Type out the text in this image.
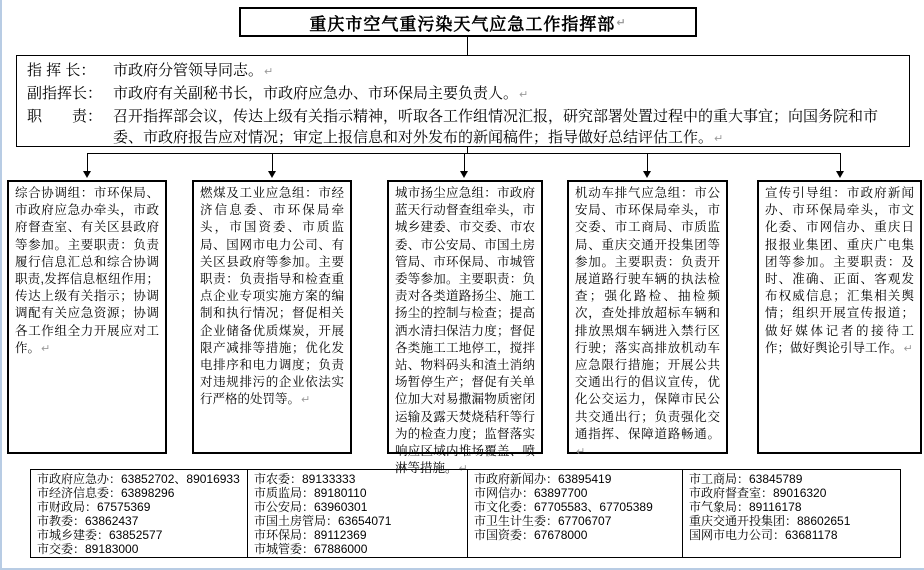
重庆市空气重污染天气应急工作指挥部 ↵
指 挥 长：	市政府分管领导同志。↵
副指挥长： 市政府有关副秘书长，市政府应急办、市环保局主要负责人。↵
职　　责： 召开指挥部会议，传达上级有关指示精神，听取各工作组情况汇报，研究部署处置过程中的重大事宜；向国务院和市委、市政府报告应对情况；审定上报信息和对外发布的新闻稿件；指导做好总结评估工作。↵
综合协调组：市环保局、市政府应急办牵头，市政府督查室、有关区县政府等参加。主要职责：负责履行信息汇总和综合协调职责,发挥信息枢纽作用；传达上级有关指示；协调调配有关应急资源；协调各工作组全力开展应对工作。↵
燃煤及工业应急组：市经济信息委、市环保局牵头，市国资委、市质监局、国网市电力公司、有关区县政府等参加。主要职责：负责指导和检查重点企业专项实施方案的编制和执行情况；督促相关企业储备优质煤炭，开展限产减排等措施；优化发电排序和电力调度；负责对违规排污的企业依法实行严格的处罚等。↵
城市扬尘应急组：市政府蓝天行动督查组牵头，市城乡建委、市交委、市农委、市公安局、市国土房管局、市环保局、市城管委等参加。主要职责：负责对各类道路扬尘、施工扬尘的控制与检查；提高洒水清扫保洁力度；督促各类施工工地停工，搅拌站、物料码头和渣土消纳场暂停生产；督促有关单位加大对易撒漏物质密闭运输及露天焚烧秸秆等行为的检查力度；监督落实响应区域内堆场覆盖、喷淋等措施。↵
机动车排气应急组：市公安局、市环保局牵头，市交委、市工商局、市质监局、重庆交通开投集团等参加。主要职责：负责开展道路行驶车辆的执法检查；强化路检、抽检频次，查处排放超标车辆和排放黑烟车辆进入禁行区行驶；落实高排放机动车应急限行措施；开展公共交通出行的倡议宣传，优化公交运力，保障市民公共交通出行；负责强化交通指挥、保障道路畅通。↵
宣传引导组：市政府新闻办、市环保局牵头，市文化委、市网信办、重庆日报报业集团、重庆广电集团等参加。主要职责：及时、准确、正面、客观发布权威信息；汇集相关舆情；组织开展宣传报道；做好媒体记者的接待工作；做好舆论引导工作。↵
市政府应急办：63852702、89016933
市经济信息委：63898296
市财政局：67575369
市教委：63862437
市城乡建委：63852577
市交委：89183000
市农委：89133333
市质监局：89180110
市公安局：63960301
市国土房管局：63654071
市环保局：89112369
市城管委：67886000
市政府新闻办：63895419
市网信办：63897700
市文化委：67705583、67705389
市卫生计生委：67706707
市国资委：67678000
市工商局：63845789
市政府督查室：89016320
市气象局：89116178
重庆交通开投集团：88602651
国网市电力公司：63681178
